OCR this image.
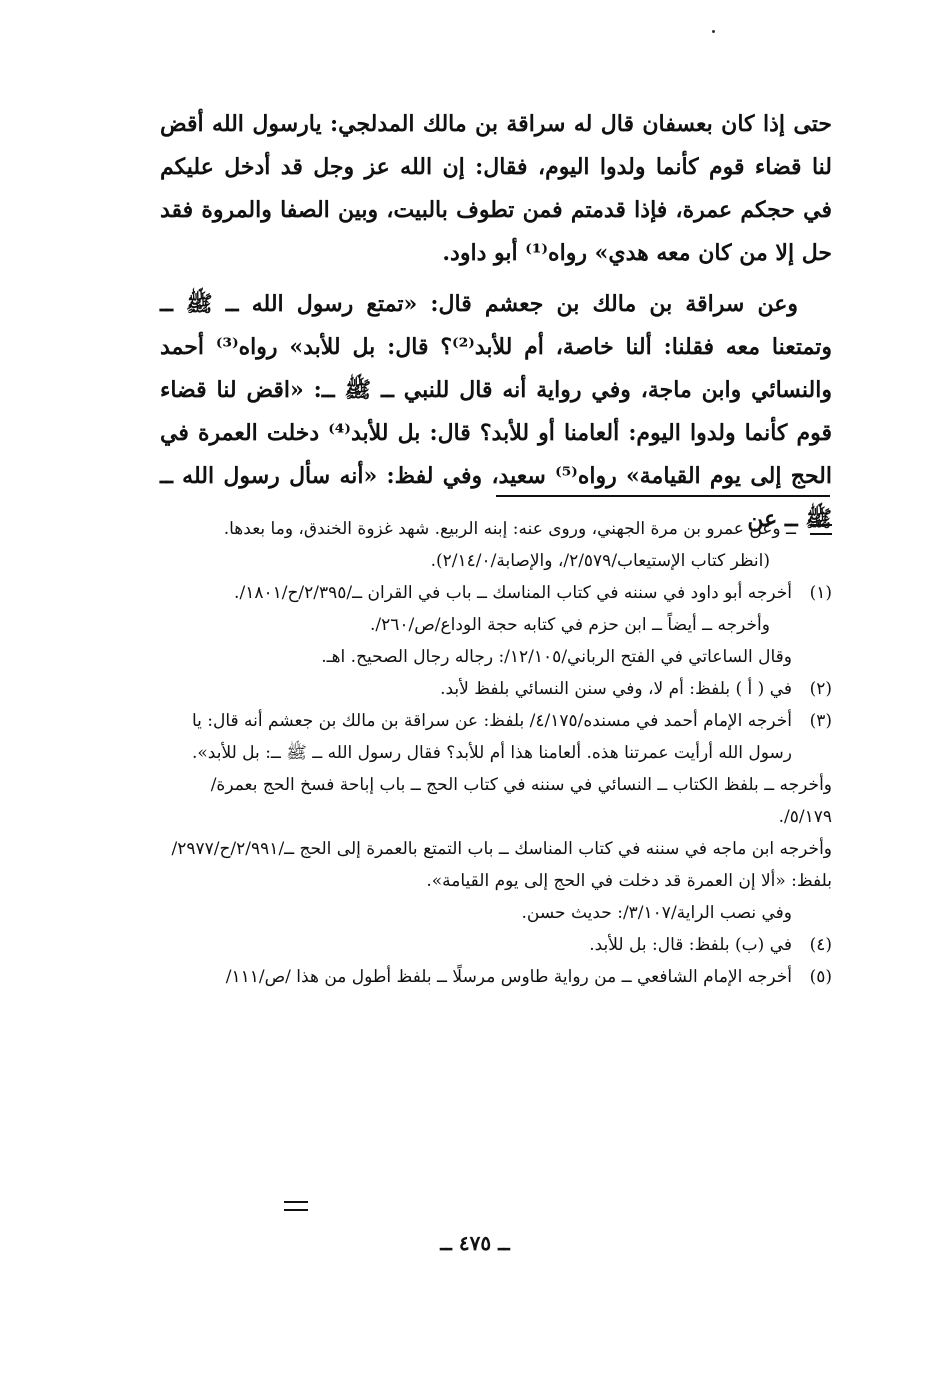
حتى إذا كان بعسفان قال له سراقة بن مالك المدلجي: يارسول الله أقض لنا قضاء قوم كأنما ولدوا اليوم، فقال: إن الله عز وجل قد أدخل عليكم في حجكم عمرة، فإذا قدمتم فمن تطوف بالبيت، وبين الصفا والمروة فقد حل إلا من كان معه هدي» رواه⁽¹⁾ أبو داود.

وعن سراقة بن مالك بن جعشم قال: «تمتع رسول الله ــ ﷺ ــ وتمتعنا معه فقلنا: ألنا خاصة، أم للأبد⁽²⁾؟ قال: بل للأبد» رواه⁽³⁾ أحمد والنسائي وابن ماجة، وفي رواية أنه قال للنبي ــ ﷺ ــ: «اقض لنا قضاء قوم كأنما ولدوا اليوم: ألعامنا أو للأبد؟ قال: بل للأبد⁽⁴⁾ دخلت العمرة في الحج إلى يوم القيامة» رواه⁽⁵⁾ سعيد، وفي لفظ: «أنه سأل رسول الله ــ ﷺ ــ عن

ــ وعن عمرو بن مرة الجهني، وروى عنه: إبنه الربيع. شهد غزوة الخندق، وما بعدها.

(انظر كتاب الإستيعاب/٢/٥٧٩/، والإصابة/٢/١٤/٠).

(١)

أخرجه أبو داود في سننه في كتاب المناسك ــ باب في القران ــ/٢/٣٩٥/ح/١٨٠١/.

وأخرجه ــ أيضاً ــ ابن حزم في كتابه حجة الوداع/ص/٢٦٠/.

وقال الساعاتي في الفتح الرباني/١٢/١٠٥/: رجاله رجال الصحيح. اهـ.

(٢)

في ( أ ) بلفظ: أم لا، وفي سنن النسائي بلفظ لأبد.

(٣)

أخرجه الإمام أحمد في مسنده/٤/١٧٥/ بلفظ: عن سراقة بن مالك بن جعشم أنه قال: يا رسول الله أرأيت عمرتنا هذه. ألعامنا هذا أم للأبد؟ فقال رسول الله ــ ﷺ ــ: بل للأبد».

وأخرجه ــ بلفظ الكتاب ــ النسائي في سننه في كتاب الحج ــ باب إباحة فسخ الحج بعمرة/٥/١٧٩/.

وأخرجه ابن ماجه في سننه في كتاب المناسك ــ باب التمتع بالعمرة إلى الحج ــ/٢/٩٩١/ح/٢٩٧٧/ بلفظ: «ألا إن العمرة قد دخلت في الحج إلى يوم القيامة».

وفي نصب الراية/٣/١٠٧/: حديث حسن.

(٤)

في (ب) بلفظ: قال: بل للأبد.

(٥)

أخرجه الإمام الشافعي ــ من رواية طاوس مرسلًا ــ بلفظ أطول من هذا /ص/١١١/

ــ ٤٧٥ ــ
